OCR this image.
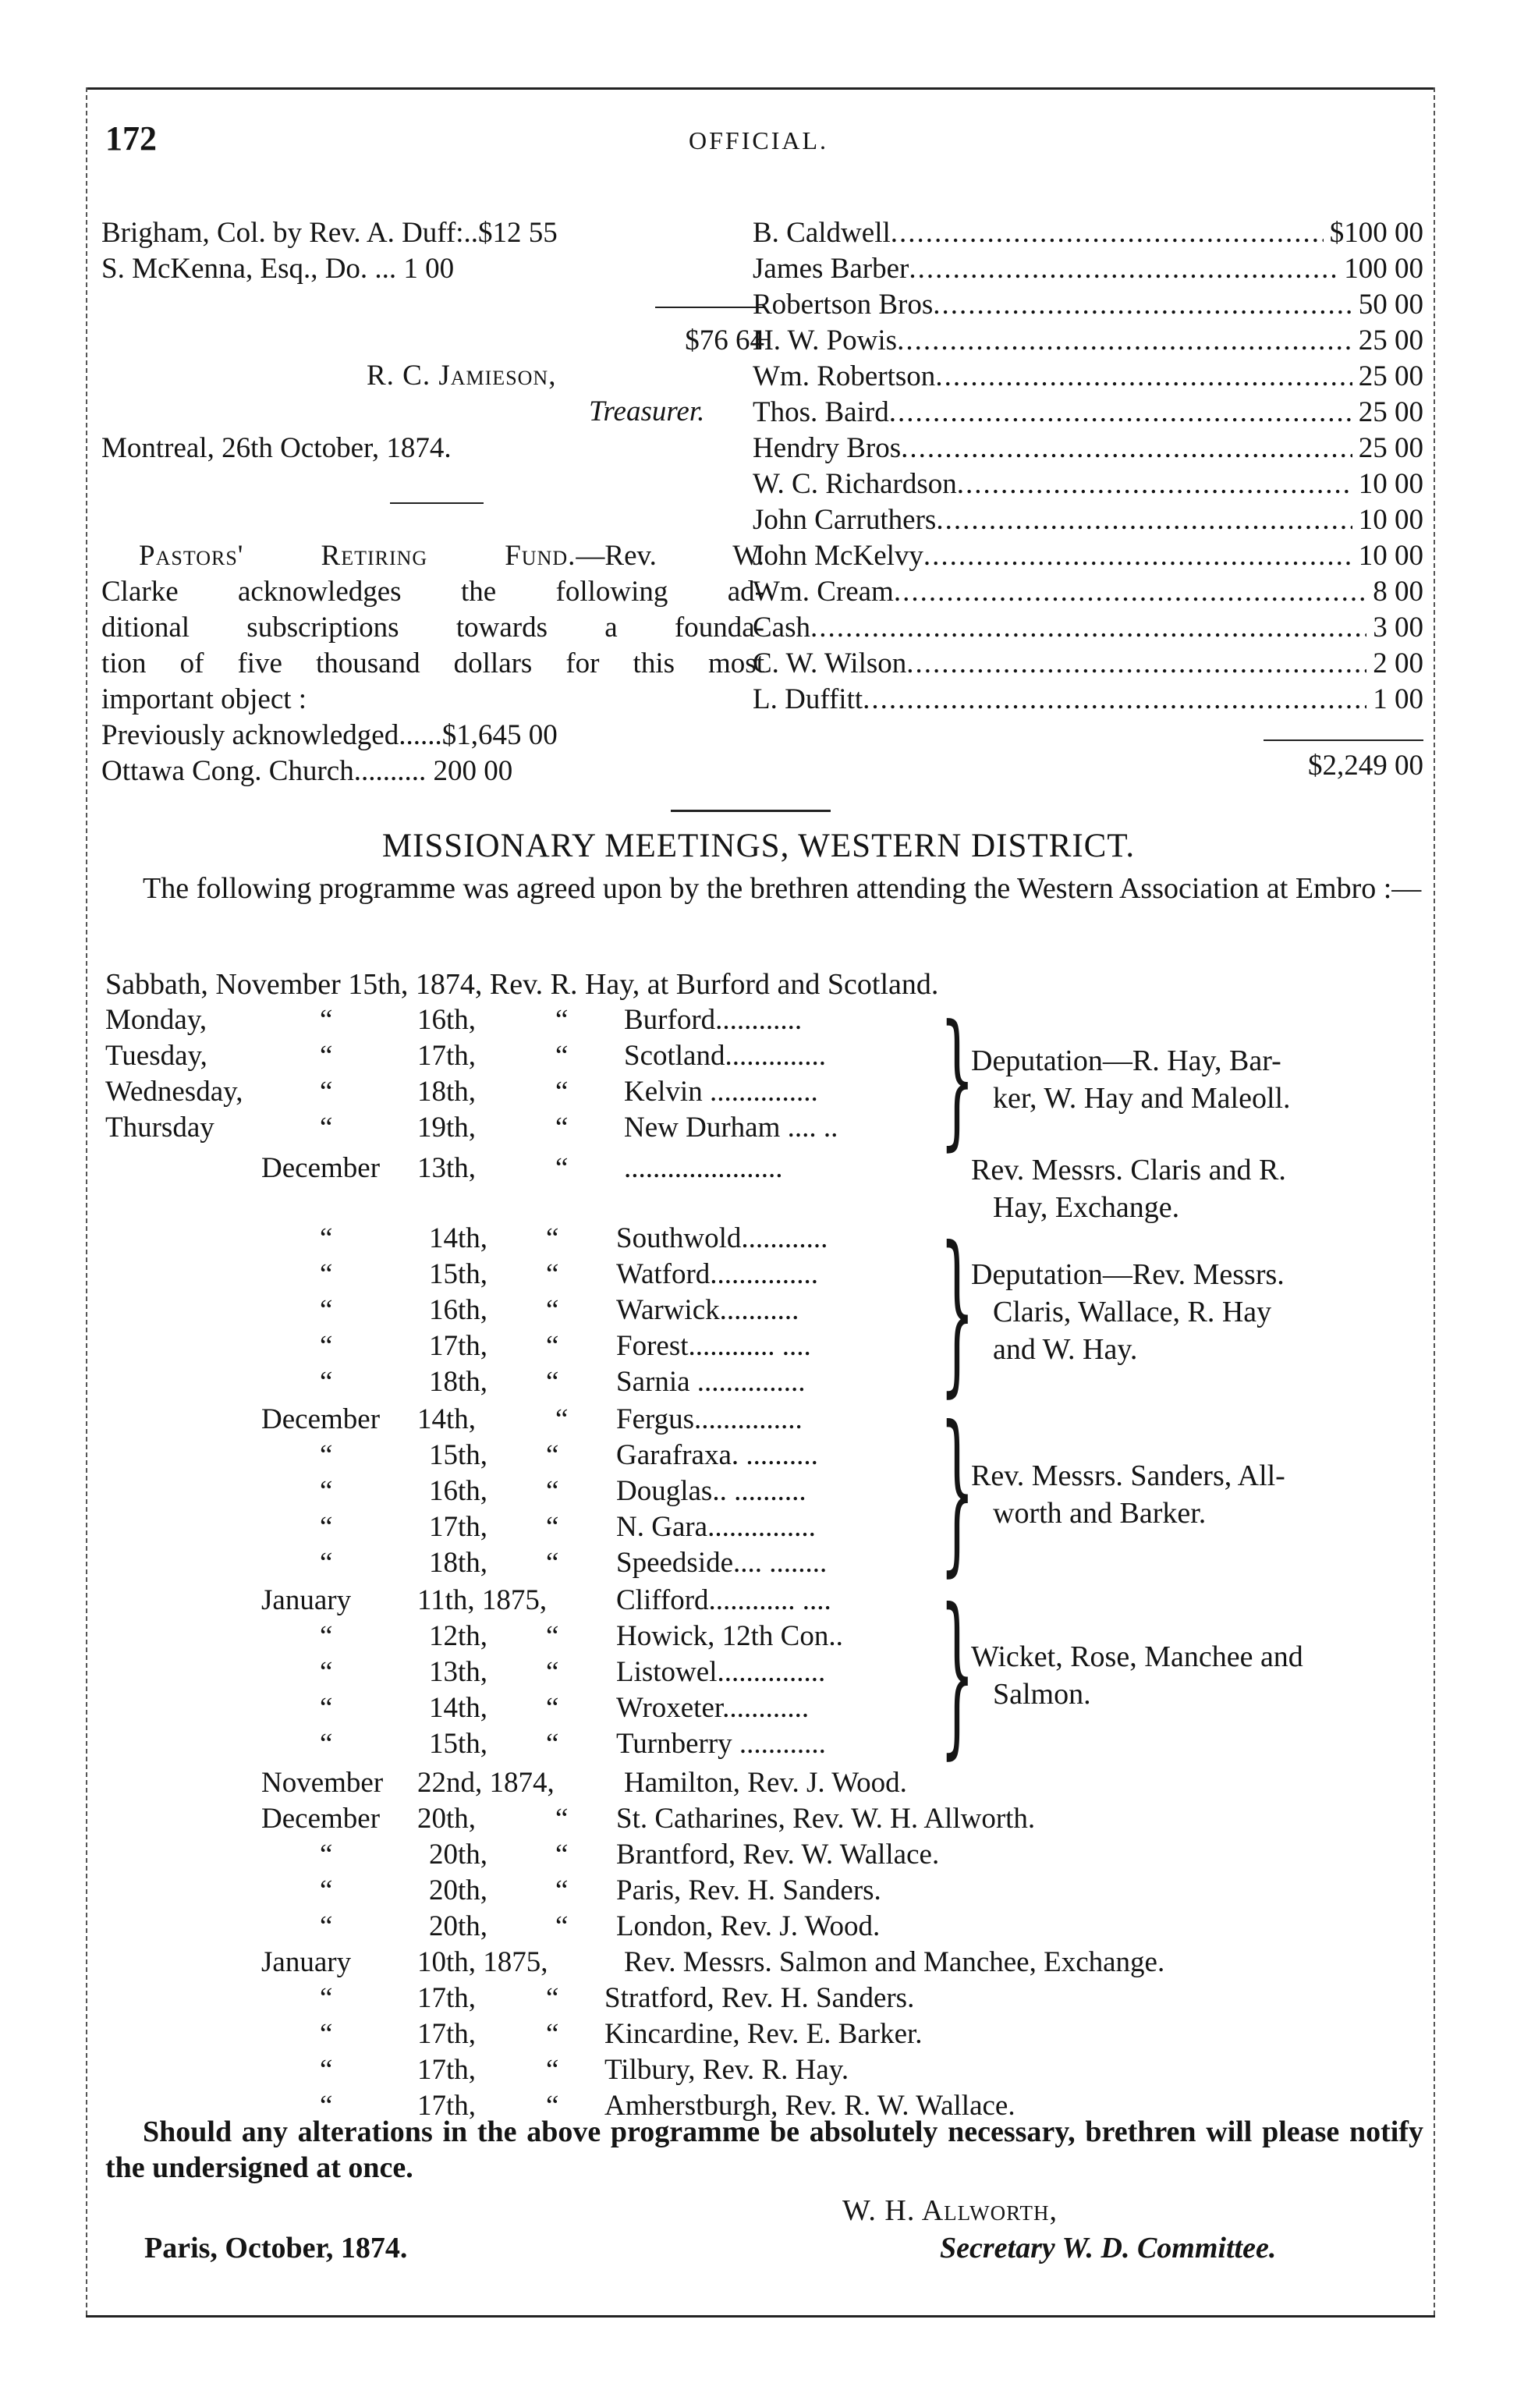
172	OFFICIAL.
Brigham, Col. by Rev. A. Duff:..$12 55
S. McKenna, Esq., Do. ... 1 00
$76 64
R. C. Jamieson,
Treasurer.
Montreal, 26th October, 1874.
Pastors' Retiring Fund.—Rev. W.
Clarke acknowledges the following ad-
ditional subscriptions towards a founda-
tion of five thousand dollars for this most
important object :
Previously acknowledged......$1,645 00
Ottawa Cong. Church.......... 200 00
B. Caldwell .....	$100 00
James Barber .....	100 00
Robertson Bros .....	50 00
H. W. Powis .....	25 00
Wm. Robertson .....	25 00
Thos. Baird .....	25 00
Hendry Bros .....	25 00
W. C. Richardson .....	10 00
John Carruthers .....	10 00
John McKelvy .....	10 00
Wm. Cream .....	8 00
Cash .....	3 00
C. W. Wilson .....	2 00
L. Duffitt .....	1 00
$2,249 00
MISSIONARY MEETINGS, WESTERN DISTRICT.
The following programme was agreed upon by the brethren attending the Western Association at Embro :—
Sabbath, November 15th, 1874, Rev. R. Hay, at Burford and Scotland.
Monday,	“	16th,	“ Burford............
Tuesday,	“	17th,	“ Scotland..............
Wednesday,	“	18th,	“ Kelvin ...............
Thursday	“	19th,	“ New Durham .... ..
December 13th,	“ ......................
“	14th, “ Southwold............
“	15th, “ Watford...............
“	16th, “ Warwick...........
“	17th, “ Forest............ ....
“	18th, “ Sarnia ...............
December 14th,	“ Fergus...............
“	15th, “ Garafraxa. ..........
“	16th, “ Douglas.. ..........
“	17th, “ N. Gara...............
“	18th, “ Speedside.... ........
January 11th, 1875, Clifford............ ....
“	12th, “ Howick, 12th Con..
“	13th, “ Listowel...............
“	14th, “ Wroxeter............
“	15th, “ Turnberry ............
November 22nd, 1874, Hamilton, Rev. J. Wood.
December 20th,	“ St. Catharines, Rev. W. H. Allworth.
“	20th, “ Brantford, Rev. W. Wallace.
“	20th, “ Paris, Rev. H. Sanders.
“	20th, “ London, Rev. J. Wood.
January 10th, 1875,	Rev. Messrs. Salmon and Manchee, Exchange.
“	17th, “ Stratford, Rev. H. Sanders.
“	17th, “ Kincardine, Rev. E. Barker.
“	17th, “ Tilbury, Rev. R. Hay.
“	17th, “ Amherstburgh, Rev. R. W. Wallace.
}
}
}
}
Deputation—R. Hay, Bar-
ker, W. Hay and Maleoll.
Rev. Messrs. Claris and R.
Hay, Exchange.
Deputation—Rev. Messrs.
Claris, Wallace, R. Hay
and W. Hay.
Rev. Messrs. Sanders, All-
worth and Barker.
Wicket, Rose, Manchee and
Salmon.
Should any alterations in the above programme be absolutely necessary, brethren will please notify the undersigned at once.
W. H. Allworth,
Paris, October, 1874.	Secretary W. D. Committee.
